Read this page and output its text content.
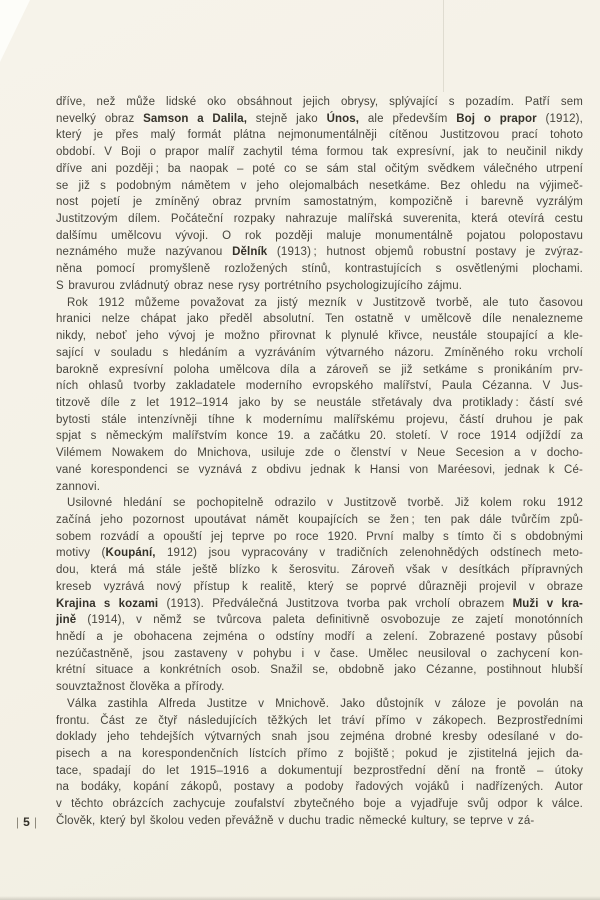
dříve, než může lidské oko obsáhnout jejich obrysy, splývající s pozadím. Patří sem
nevelký obraz Samson a Dalila, stejně jako Únos, ale především Boj o prapor (1912),
který je přes malý formát plátna nejmonumentálněji cítěnou Justitzovou prací tohoto
období. V Boji o prapor malíř zachytil téma formou tak expresívní, jak to neučinil nikdy
dříve ani později ; ba naopak – poté co se sám stal očitým svědkem válečného utrpení
se již s podobným námětem v jeho olejomalbách nesetkáme. Bez ohledu na výjimeč-
nost pojetí je zmíněný obraz prvním samostatným, kompozičně i barevně vyzrálým
Justitzovým dílem. Počáteční rozpaky nahrazuje malířská suverenita, která otevírá cestu
dalšímu umělcovu vývoji. O rok později maluje monumentálně pojatou polopostavu
neznámého muže nazývanou Dělník (1913) ; hutnost objemů robustní postavy je zvýraz-
něna pomocí promyšleně rozložených stínů, kontrastujících s osvětlenými plochami.
S bravurou zvládnutý obraz nese rysy portrétního psychologizujícího zájmu.
Rok 1912 můžeme považovat za jistý mezník v Justitzově tvorbě, ale tuto časovou
hranici nelze chápat jako předěl absolutní. Ten ostatně v umělcově díle nenalezneme
nikdy, neboť jeho vývoj je možno přirovnat k plynulé křivce, neustále stoupající a kle-
sající v souladu s hledáním a vyzráváním výtvarného názoru. Zmíněného roku vrcholí
barokně expresívní poloha umělcova díla a zároveň se již setkáme s pronikáním prv-
ních ohlasů tvorby zakladatele moderního evropského malířství, Paula Cézanna. V Jus-
titzově díle z let 1912–1914 jako by se neustále střetávaly dva protiklady : částí své
bytosti stále intenzívněji tíhne k modernímu malířskému projevu, částí druhou je pak
spjat s německým malířstvím konce 19. a začátku 20. století. V roce 1914 odjíždí za
Vilémem Nowakem do Mnichova, usiluje zde o členství v Neue Secesion a v docho-
vané korespondenci se vyznává z obdivu jednak k Hansi von Maréesovi, jednak k Cé-
zannovi.
Usilovné hledání se pochopitelně odrazilo v Justitzově tvorbě. Již kolem roku 1912
začíná jeho pozornost upoutávat námět koupajících se žen ; ten pak dále tvůrčím způ-
sobem rozvádí a opouští jej teprve po roce 1920. První malby s tímto či s obdobnými
motivy (Koupání, 1912) jsou vypracovány v tradičních zelenohnědých odstínech meto-
dou, která má stále ještě blízko k šerosvitu. Zároveň však v desítkách přípravných
kreseb vyzrává nový přístup k realitě, který se poprvé důrazněji projevil v obraze
Krajina s kozami (1913). Předválečná Justitzova tvorba pak vrcholí obrazem Muži v kra-
jině (1914), v němž se tvůrcova paleta definitivně osvobozuje ze zajetí monotónních
hnědí a je obohacena zejména o odstíny modří a zelení. Zobrazené postavy působí
nezúčastněně, jsou zastaveny v pohybu i v čase. Umělec neusiloval o zachycení kon-
krétní situace a konkrétních osob. Snažil se, obdobně jako Cézanne, postihnout hlubší
souvztažnost člověka a přírody.
Válka zastihla Alfreda Justitze v Mnichově. Jako důstojník v záloze je povolán na
frontu. Část ze čtyř následujících těžkých let tráví přímo v zákopech. Bezprostředními
doklady jeho tehdejších výtvarných snah jsou zejména drobné kresby odesílané v do-
pisech a na korespondenčních lístcích přímo z bojiště ; pokud je zjistitelná jejich da-
tace, spadají do let 1915–1916 a dokumentují bezprostřední dění na frontě – útoky
na bodáky, kopání zákopů, postavy a podoby řadových vojáků i nadřízených. Autor
v těchto obrázcích zachycuje zoufalství zbytečného boje a vyjadřuje svůj odpor k válce.
Člověk, který byl školou veden převážně v duchu tradic německé kultury, se teprve v zá-
| 5 |
